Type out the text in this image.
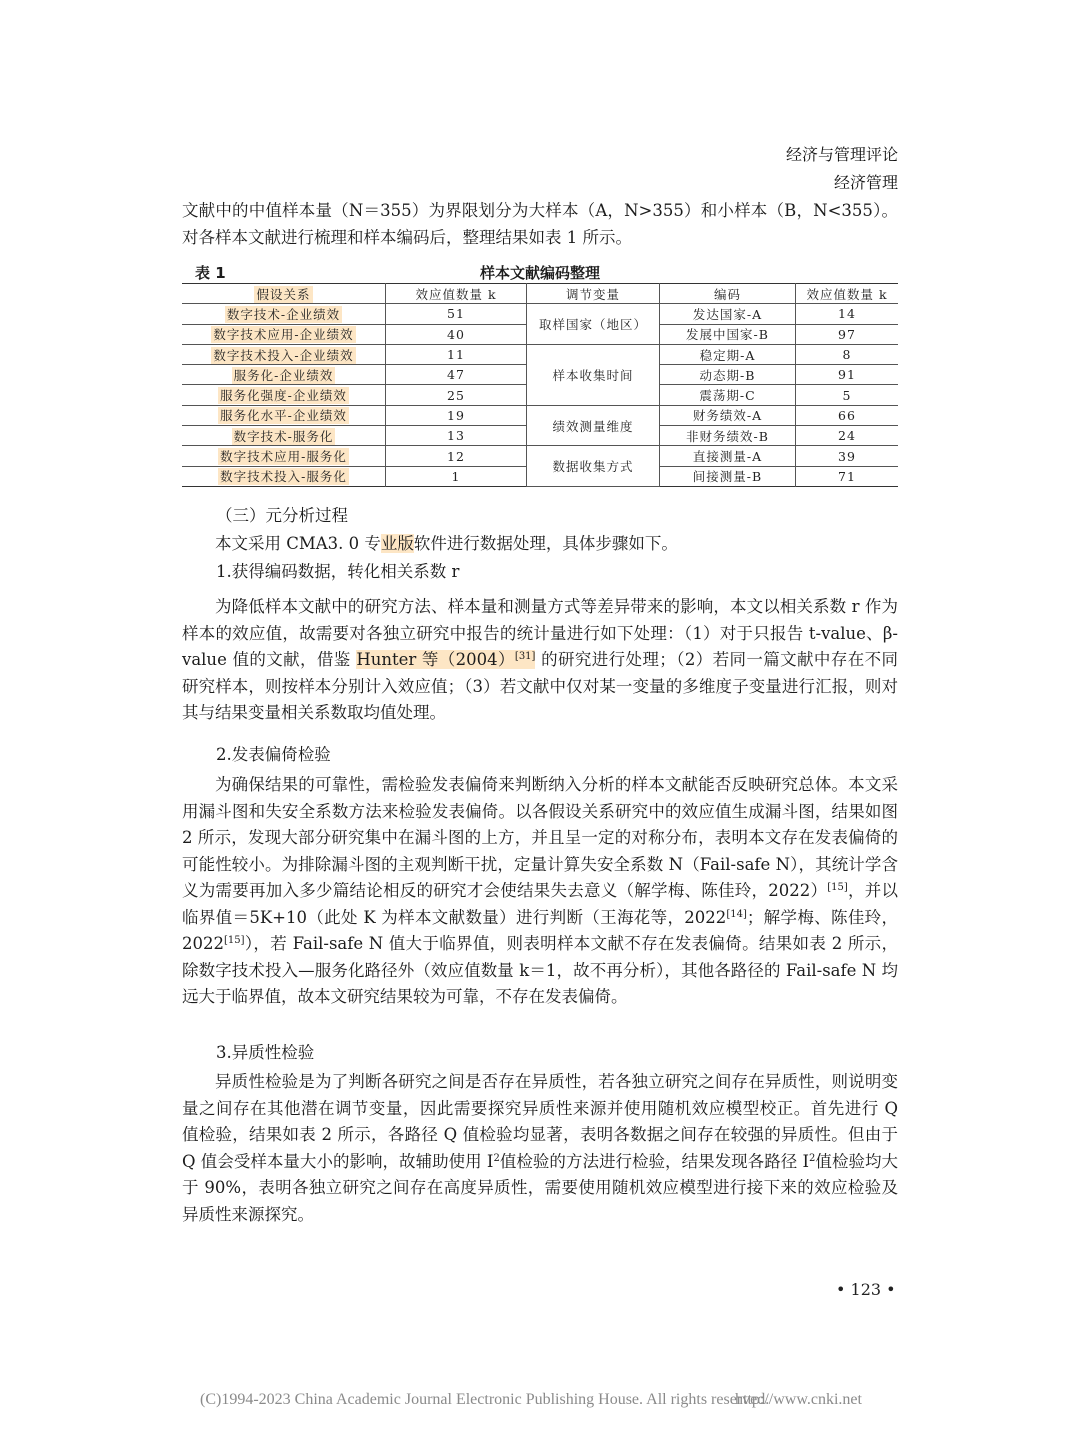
经济与管理评论
经济管理

文献中的中值样本量（N＝355）为界限划分为大样本（A，N>355）和小样本（B，N<355）。对各样本文献进行梳理和样本编码后，整理结果如表 1 所示。

表 1	样本文献编码整理
假设关系	效应值数量 k	调节变量	编码	效应值数量 k
数字技术-企业绩效	51	取样国家（地区）	发达国家-A	14
数字技术应用-企业绩效	40		发展中国家-B	97
数字技术投入-企业绩效	11	样本收集时间	稳定期-A	8
服务化-企业绩效	47		动态期-B	91
服务化强度-企业绩效	25		震荡期-C	5
服务化水平-企业绩效	19	绩效测量维度	财务绩效-A	66
数字技术-服务化	13		非财务绩效-B	24
数字技术应用-服务化	12	数据收集方式	直接测量-A	39
数字技术投入-服务化	1		间接测量-B	71
（三）元分析过程

本文采用 CMA3. 0 专业版软件进行数据处理，具体步骤如下。

1.获得编码数据，转化相关系数 r

为降低样本文献中的研究方法、样本量和测量方式等差异带来的影响，本文以相关系数 r 作为样本的效应值，故需要对各独立研究中报告的统计量进行如下处理：（1）对于只报告 t-value、β-value 值的文献，借鉴 Hunter 等（2004）[31] 的研究进行处理；（2）若同一篇文献中存在不同研究样本，则按样本分别计入效应值；（3）若文献中仅对某一变量的多维度子变量进行汇报，则对其与结果变量相关系数取均值处理。

2.发表偏倚检验

为确保结果的可靠性，需检验发表偏倚来判断纳入分析的样本文献能否反映研究总体。本文采用漏斗图和失安全系数方法来检验发表偏倚。以各假设关系研究中的效应值生成漏斗图，结果如图 2 所示，发现大部分研究集中在漏斗图的上方，并且呈一定的对称分布，表明本文存在发表偏倚的可能性较小。为排除漏斗图的主观判断干扰，定量计算失安全系数 N（Fail-safe N），其统计学含义为需要再加入多少篇结论相反的研究才会使结果失去意义（解学梅、陈佳玲，2022）[15]，并以临界值＝5K+10（此处 K 为样本文献数量）进行判断（王海花等，2022[14]；解学梅、陈佳玲，2022[15]），若 Fail-safe N 值大于临界值，则表明样本文献不存在发表偏倚。结果如表 2 所示，除数字技术投入—服务化路径外（效应值数量 k＝1，故不再分析），其他各路径的 Fail-safe N 均远大于临界值，故本文研究结果较为可靠，不存在发表偏倚。

3.异质性检验

异质性检验是为了判断各研究之间是否存在异质性，若各独立研究之间存在异质性，则说明变量之间存在其他潜在调节变量，因此需要探究异质性来源并使用随机效应模型校正。首先进行 Q 值检验，结果如表 2 所示，各路径 Q 值检验均显著，表明各数据之间存在较强的异质性。但由于 Q 值会受样本量大小的影响，故辅助使用 $I^2$值检验的方法进行检验，结果发现各路径 $I^2$值检验均大于 90%，表明各独立研究之间存在高度异质性，需要使用随机效应模型进行接下来的效应检验及异质性来源探究。

• 123 •
(C)1994-2023 China Academic Journal Electronic Publishing House. All rights reserved.
http://www.cnki.net
